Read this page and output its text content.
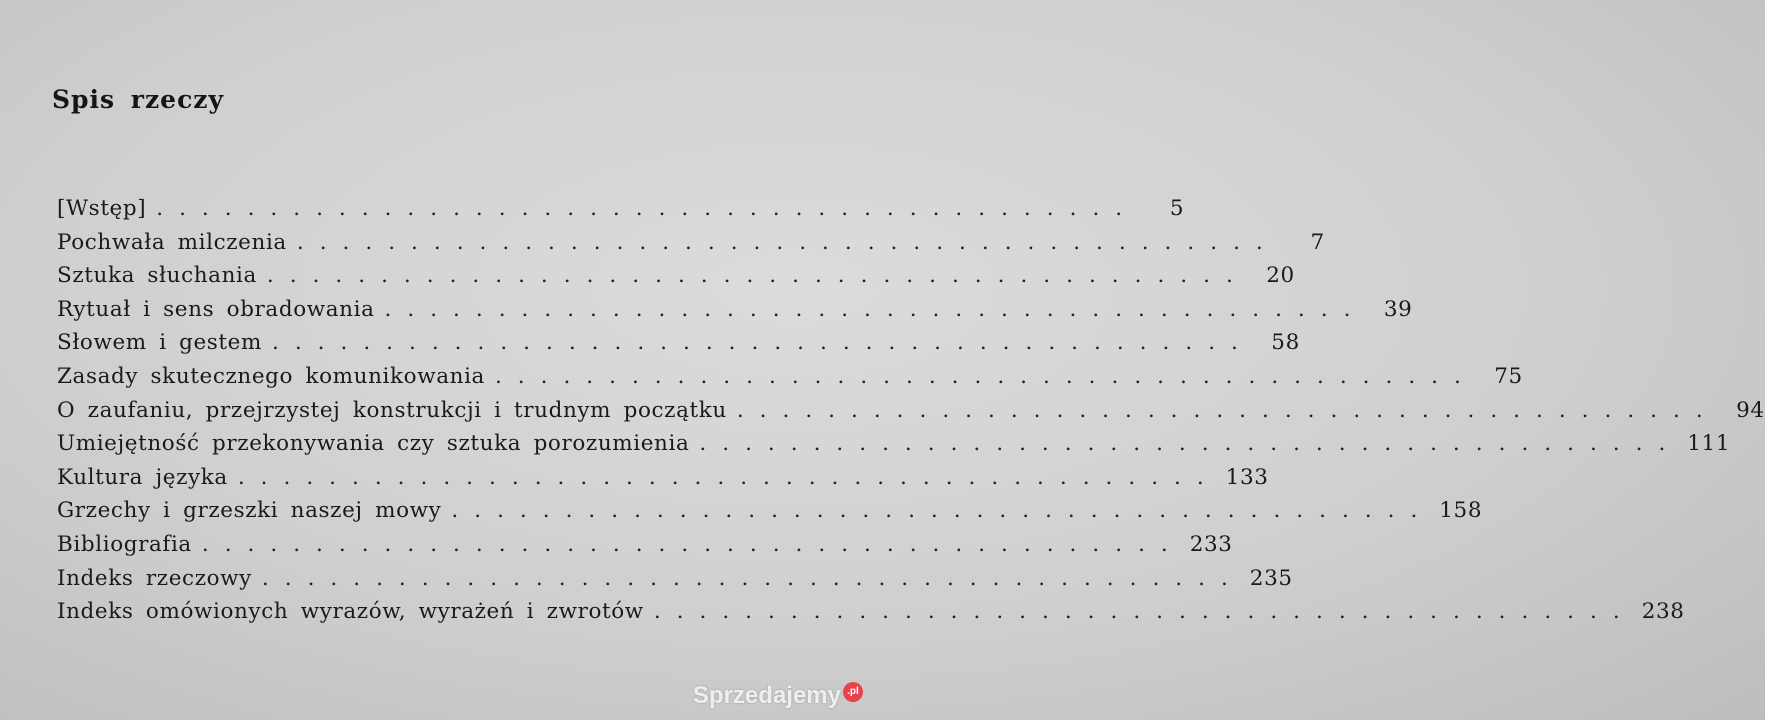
Spis rzeczy
[Wstęp] ...........................................	5
Pochwała milczenia ...........................................	7
Sztuka słuchania ........................................... 20
Rytuał i sens obradowania ........................................... 39
Słowem i gestem ........................................... 58
Zasady skutecznego komunikowania ........................................... 75
O zaufaniu, przejrzystej konstrukcji i trudnym początku ........................................... 94
Umiejętność przekonywania czy sztuka porozumienia ........................................... 111
Kultura języka ........................................... 133
Grzechy i grzeszki naszej mowy ........................................... 158
Bibliografia ........................................... 233
Indeks rzeczowy ........................................... 235
Indeks omówionych wyrazów, wyrażeń i zwrotów ........................................... 238
Sprzedajemy .pl
